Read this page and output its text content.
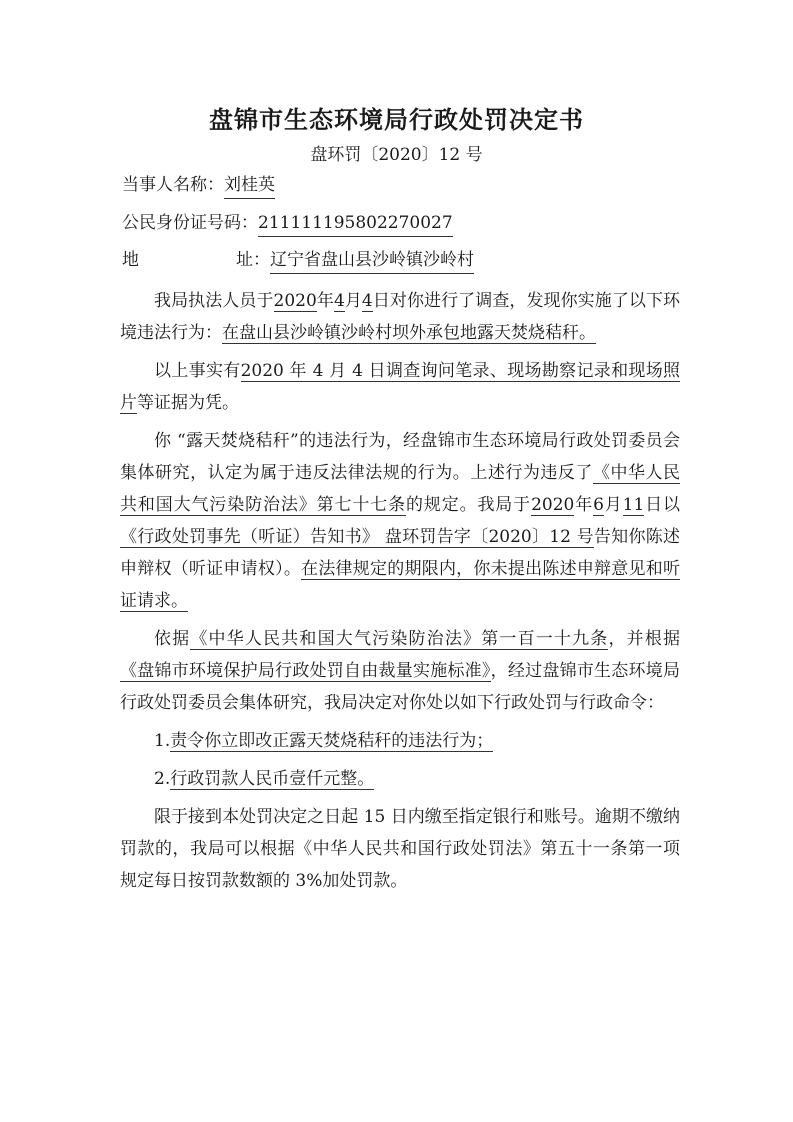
盘锦市生态环境局行政处罚决定书
盘环罚〔2020〕12 号
当事人名称：刘桂英
公民身份证号码：211111195802270027
地	址：辽宁省盘山县沙岭镇沙岭村

我局执法人员于2020年4月4日对你进行了调查，发现你实施了以下环境违法行为：在盘山县沙岭镇沙岭村坝外承包地露天焚烧秸秆。

以上事实有2020 年 4 月 4 日调查询问笔录、现场勘察记录和现场照片等证据为凭。

你 “露天焚烧秸秆”的违法行为，经盘锦市生态环境局行政处罚委员会集体研究，认定为属于违反法律法规的行为。上述行为违反了《中华人民共和国大气污染防治法》第七十七条的规定。我局于2020年6月11日以《行政处罚事先（听证）告知书》 盘环罚告字〔2020〕12 号告知你陈述申辩权（听证申请权）。在法律规定的期限内，你未提出陈述申辩意见和听证请求。

依据《中华人民共和国大气污染防治法》第一百一十九条，并根据《盘锦市环境保护局行政处罚自由裁量实施标准》，经过盘锦市生态环境局行政处罚委员会集体研究，我局决定对你处以如下行政处罚与行政命令：

1.责令你立即改正露天焚烧秸秆的违法行为；

2.行政罚款人民币壹仟元整。

限于接到本处罚决定之日起 15 日内缴至指定银行和账号。逾期不缴纳罚款的，我局可以根据《中华人民共和国行政处罚法》第五十一条第一项规定每日按罚款数额的 3%加处罚款。
